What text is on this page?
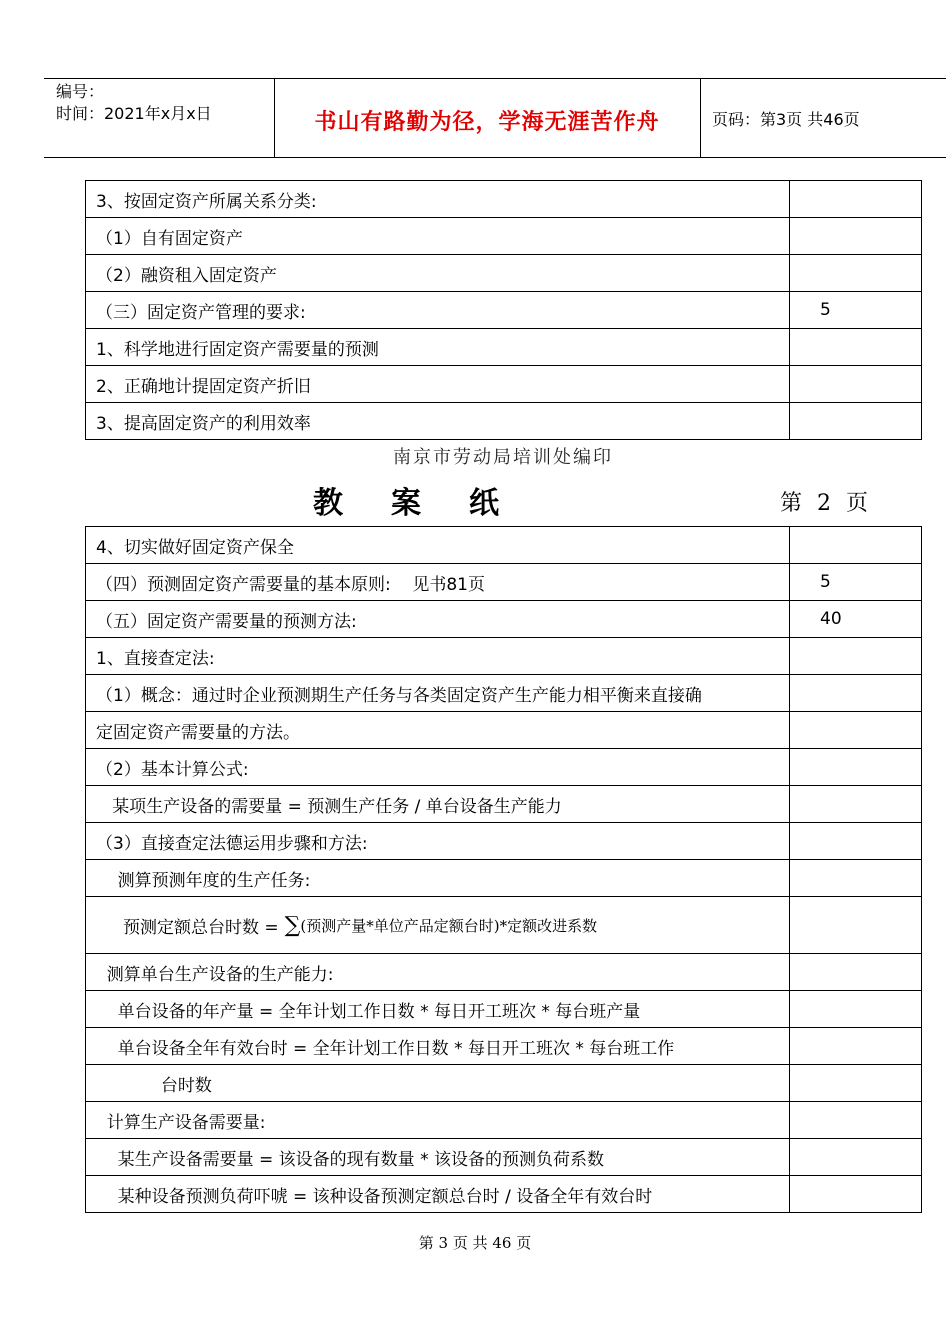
编号：
时间：2021年x月x日	书山有路勤为径，学海无涯苦作舟	页码：第3页 共46页
3、按固定资产所属关系分类:	
（1）自有固定资产	
（2）融资租入固定资产	
（三）固定资产管理的要求:	5
1、科学地进行固定资产需要量的预测	
2、正确地计提固定资产折旧	
3、提高固定资产的利用效率	
南京市劳动局培训处编印
教案纸	第 2 页
4、切实做好固定资产保全	
（四）预测固定资产需要量的基本原则:    见书81页	5
（五）固定资产需要量的预测方法:	40
1、直接查定法:	
（1）概念：通过时企业预测期生产任务与各类固定资产生产能力相平衡来直接确	
定固定资产需要量的方法。	
（2）基本计算公式:	
某项生产设备的需要量 = 预测生产任务 / 单台设备生产能力	
（3）直接查定法德运用步骤和方法:	
测算预测年度的生产任务:	

预测定额总台时数 = ∑ (预测产量*单位产品定额台时)*定额改进系数	

测算单台生产设备的生产能力:	
单台设备的年产量 = 全年计划工作日数 * 每日开工班次 * 每台班产量	
单台设备全年有效台时 = 全年计划工作日数 * 每日开工班次 * 每台班工作	
台时数	
计算生产设备需要量:	
某生产设备需要量 = 该设备的现有数量 * 该设备的预测负荷系数	
某种设备预测负荷吓唬 = 该种设备预测定额总台时 / 设备全年有效台时	
第 3 页 共 46 页
